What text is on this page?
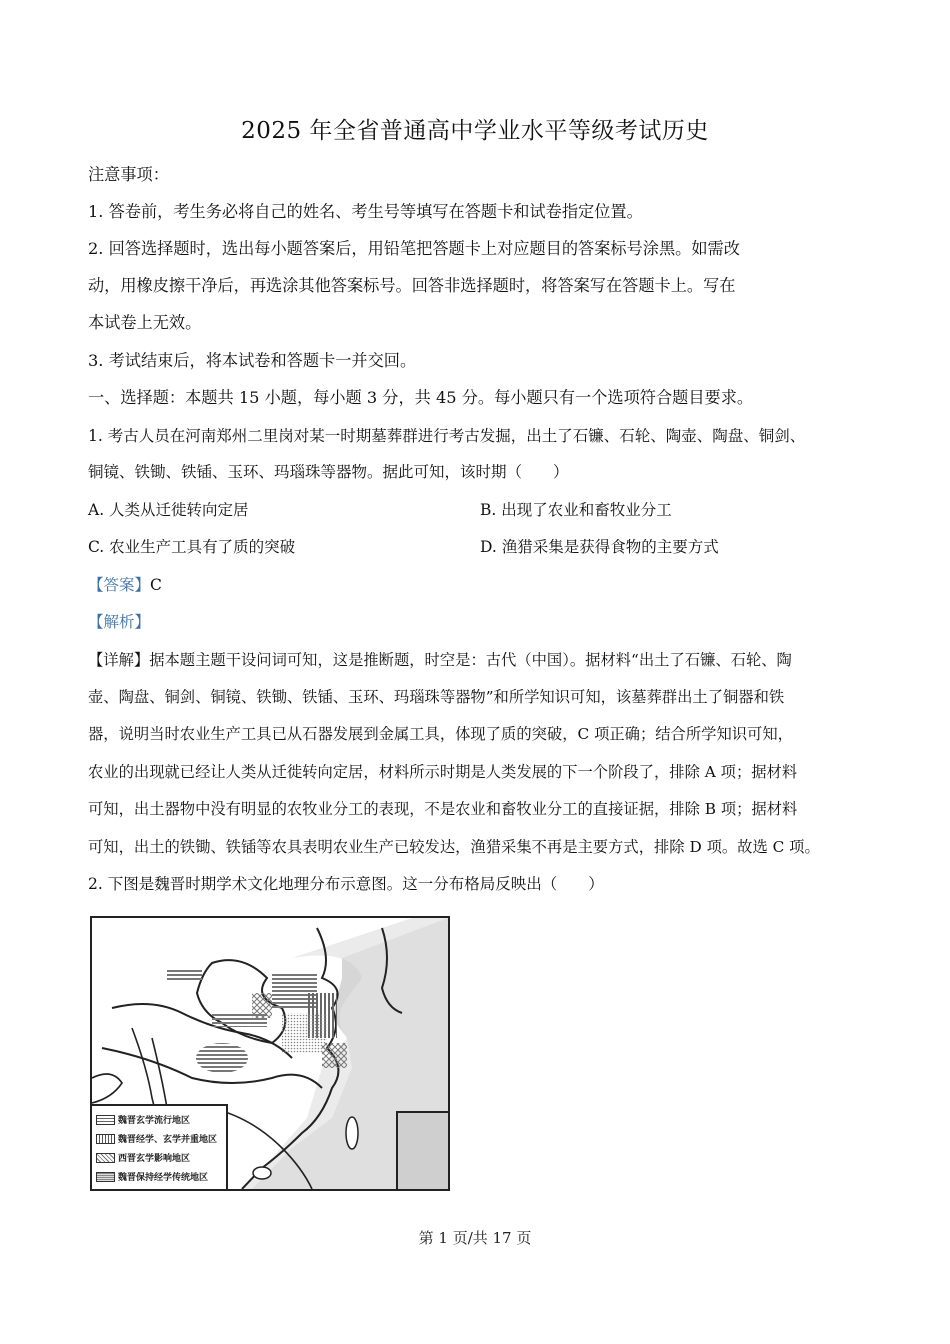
2025 年全省普通高中学业水平等级考试历史
注意事项：
1. 答卷前，考生务必将自己的姓名、考生号等填写在答题卡和试卷指定位置。
2. 回答选择题时，选出每小题答案后，用铅笔把答题卡上对应题目的答案标号涂黑。如需改
动，用橡皮擦干净后，再选涂其他答案标号。回答非选择题时，将答案写在答题卡上。写在
本试卷上无效。
3. 考试结束后，将本试卷和答题卡一并交回。
一、选择题：本题共 15 小题，每小题 3 分，共 45 分。每小题只有一个选项符合题目要求。
1. 考古人员在河南郑州二里岗对某一时期墓葬群进行考古发掘，出土了石镰、石轮、陶壶、陶盘、铜剑、
铜镜、铁锄、铁锸、玉环、玛瑙珠等器物。据此可知，该时期（　　）
A. 人类从迁徙转向定居	B. 出现了农业和畜牧业分工
C. 农业生产工具有了质的突破	D. 渔猎采集是获得食物的主要方式
【答案】C
【解析】
【详解】据本题主题干设问词可知，这是推断题，时空是：古代（中国）。据材料“出土了石镰、石轮、陶
壶、陶盘、铜剑、铜镜、铁锄、铁锸、玉环、玛瑙珠等器物”和所学知识可知，该墓葬群出土了铜器和铁
器，说明当时农业生产工具已从石器发展到金属工具，体现了质的突破，C 项正确；结合所学知识可知，
农业的出现就已经让人类从迁徙转向定居，材料所示时期是人类发展的下一个阶段了，排除 A 项；据材料
可知，出土器物中没有明显的农牧业分工的表现，不是农业和畜牧业分工的直接证据，排除 B 项；据材料
可知，出土的铁锄、铁锸等农具表明农业生产已较发达，渔猎采集不再是主要方式，排除 D 项。故选 C 项。
2. 下图是魏晋时期学术文化地理分布示意图。这一分布格局反映出（　　）
魏晋玄学流行地区
魏晋经学、玄学并重地区
西晋玄学影响地区
魏晋保持经学传统地区
第 1 页/共 17 页
